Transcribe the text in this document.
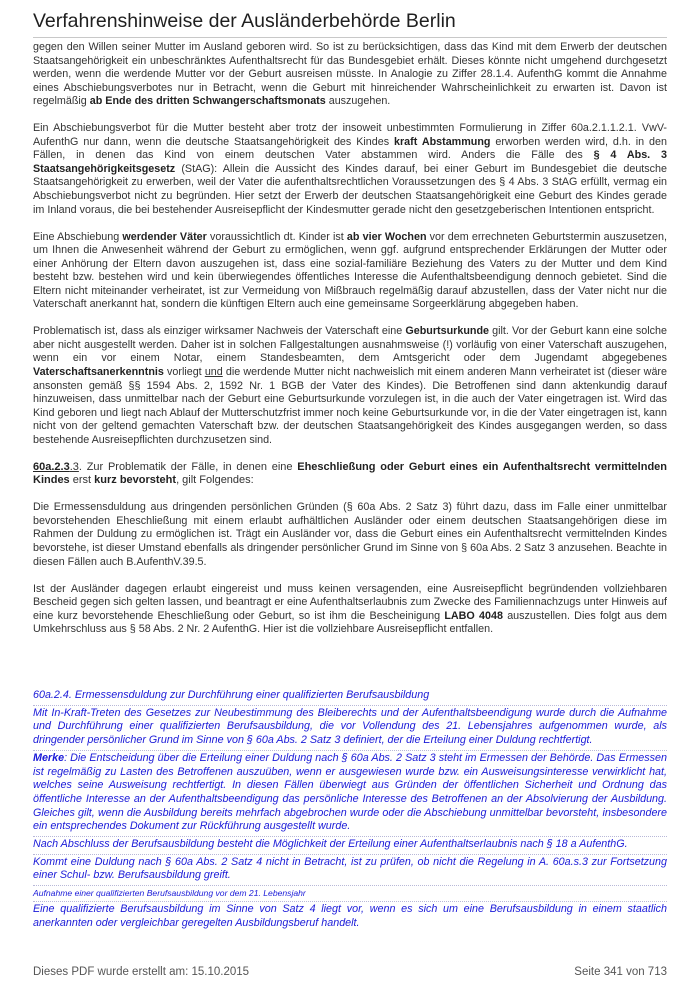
Verfahrenshinweise der Ausländerbehörde Berlin

gegen den Willen seiner Mutter im Ausland geboren wird. So ist zu berücksichtigen, dass das Kind mit dem Erwerb der deutschen Staatsangehörigkeit ein unbeschränktes Aufenthaltsrecht für das Bundesgebiet erhält. Dieses könnte nicht umgehend durchgesetzt werden, wenn die werdende Mutter vor der Geburt ausreisen müsste. In Analogie zu Ziffer 28.1.4. AufenthG kommt die Annahme eines Abschiebungsverbotes nur in Betracht, wenn die Geburt mit hinreichender Wahrscheinlichkeit zu erwarten ist. Davon ist regelmäßig ab Ende des dritten Schwangerschaftsmonats auszugehen.

Ein Abschiebungsverbot für die Mutter besteht aber trotz der insoweit unbestimmten Formulierung in Ziffer 60a.2.1.1.2.1. VwV-AufenthG nur dann, wenn die deutsche Staatsangehörigkeit des Kindes kraft Abstammung erworben werden wird, d.h. in den Fällen, in denen das Kind von einem deutschen Vater abstammen wird. Anders die Fälle des § 4 Abs. 3 Staatsangehörigkeitsgesetz (StAG): Allein die Aussicht des Kindes darauf, bei einer Geburt im Bundesgebiet die deutsche Staatsangehörigkeit zu erwerben, weil der Vater die aufenthaltsrechtlichen Voraussetzungen des § 4 Abs. 3 StAG erfüllt, vermag ein Abschiebungsverbot nicht zu begründen. Hier setzt der Erwerb der deutschen Staatsangehörigkeit eine Geburt des Kindes gerade im Inland voraus, die bei bestehender Ausreisepflicht der Kindesmutter gerade nicht den gesetzgeberischen Intentionen entspricht.

Eine Abschiebung werdender Väter voraussichtlich dt. Kinder ist ab vier Wochen vor dem errechneten Geburtstermin auszusetzen, um Ihnen die Anwesenheit während der Geburt zu ermöglichen, wenn ggf. aufgrund entsprechender Erklärungen der Mutter oder einer Anhörung der Eltern davon auszugehen ist, dass eine sozial-familiäre Beziehung des Vaters zu der Mutter und dem Kind besteht bzw. bestehen wird und kein überwiegendes öffentliches Interesse die Aufenthaltsbeendigung dennoch gebietet. Sind die Eltern nicht miteinander verheiratet, ist zur Vermeidung von Mißbrauch regelmäßig darauf abzustellen, dass der Vater nicht nur die Vaterschaft anerkannt hat, sondern die künftigen Eltern auch eine gemeinsame Sorgeerklärung abgegeben haben.

Problematisch ist, dass als einziger wirksamer Nachweis der Vaterschaft eine Geburtsurkunde gilt. Vor der Geburt kann eine solche aber nicht ausgestellt werden. Daher ist in solchen Fallgestaltungen ausnahmsweise (!) vorläufig von einer Vaterschaft auszugehen, wenn ein vor einem Notar, einem Standesbeamten, dem Amtsgericht oder dem Jugendamt abgegebenes Vaterschaftsanerkenntnis vorliegt und die werdende Mutter nicht nachweislich mit einem anderen Mann verheiratet ist (dieser wäre ansonsten gemäß §§ 1594 Abs. 2, 1592 Nr. 1 BGB der Vater des Kindes). Die Betroffenen sind dann aktenkundig darauf hinzuweisen, dass unmittelbar nach der Geburt eine Geburtsurkunde vorzulegen ist, in die auch der Vater eingetragen ist. Wird das Kind geboren und liegt nach Ablauf der Mutterschutzfrist immer noch keine Geburtsurkunde vor, in die der Vater eingetragen ist, kann nicht von der geltend gemachten Vaterschaft bzw. der deutschen Staatsangehörigkeit des Kindes ausgegangen werden, so dass bestehende Ausreisepflichten durchzusetzen sind.

60a.2.3.3. Zur Problematik der Fälle, in denen eine Eheschließung oder Geburt eines ein Aufenthaltsrecht vermittelnden Kindes erst kurz bevorsteht, gilt Folgendes:

Die Ermessensduldung aus dringenden persönlichen Gründen (§ 60a Abs. 2 Satz 3) führt dazu, dass im Falle einer unmittelbar bevorstehenden Eheschließung mit einem erlaubt aufhältlichen Ausländer oder einem deutschen Staatsangehörigen diese im Rahmen der Duldung zu ermöglichen ist. Trägt ein Ausländer vor, dass die Geburt eines ein Aufenthaltsrecht vermittelnden Kindes bevorstehe, ist dieser Umstand ebenfalls als dringender persönlicher Grund im Sinne von § 60a Abs. 2 Satz 3 anzusehen. Beachte in diesen Fällen auch B.AufenthV.39.5.

Ist der Ausländer dagegen erlaubt eingereist und muss keinen versagenden, eine Ausreisepflicht begründenden vollziehbaren Bescheid gegen sich gelten lassen, und beantragt er eine Aufenthaltserlaubnis zum Zwecke des Familiennachzugs unter Hinweis auf eine kurz bevorstehende Eheschließung oder Geburt, so ist ihm die Bescheinigung LABO 4048 auszustellen. Dies folgt aus dem Umkehrschluss aus § 58 Abs. 2 Nr. 2 AufenthG. Hier ist die vollziehbare Ausreisepflicht entfallen.

60a.2.4. Ermessensduldung zur Durchführung einer qualifizierten Berufsausbildung
Mit In-Kraft-Treten des Gesetzes zur Neubestimmung des Bleiberechts und der Aufenthaltsbeendigung wurde durch die Aufnahme und Durchführung einer qualifizierten Berufsausbildung, die vor Vollendung des 21. Lebensjahres aufgenommen wurde, als dringender persönlicher Grund im Sinne von § 60a Abs. 2 Satz 3 definiert, der die Erteilung einer Duldung rechtfertigt.
Merke: Die Entscheidung über die Erteilung einer Duldung nach § 60a Abs. 2 Satz 3 steht im Ermessen der Behörde. Das Ermessen ist regelmäßig zu Lasten des Betroffenen auszuüben, wenn er ausgewiesen wurde bzw. ein Ausweisungsinteresse verwirklicht hat, welches seine Ausweisung rechtfertigt. In diesen Fällen überwiegt aus Gründen der öffentlichen Sicherheit und Ordnung das öffentliche Interesse an der Aufenthaltsbeendigung das persönliche Interesse des Betroffenen an der Absolvierung der Ausbildung. Gleiches gilt, wenn die Ausbildung bereits mehrfach abgebrochen wurde oder die Abschiebung unmittelbar bevorsteht, insbesondere ein entsprechendes Dokument zur Rückführung ausgestellt wurde.
Nach Abschluss der Berufsausbildung besteht die Möglichkeit der Erteilung einer Aufenthaltserlaubnis nach § 18 a AufenthG.
Kommt eine Duldung nach § 60a Abs. 2 Satz 4 nicht in Betracht, ist zu prüfen, ob nicht die Regelung in A. 60a.s.3 zur Fortsetzung einer Schul- bzw. Berufsausbildung greift.
Aufnahme einer qualifizierten Berufsausbildung vor dem 21. Lebensjahr
Eine qualifizierte Berufsausbildung im Sinne von Satz 4 liegt vor, wenn es sich um eine Berufsausbildung in einem staatlich anerkannten oder vergleichbar geregelten Ausbildungsberuf handelt.
Dieses PDF wurde erstellt am: 15.10.2015	Seite 341 von 713
